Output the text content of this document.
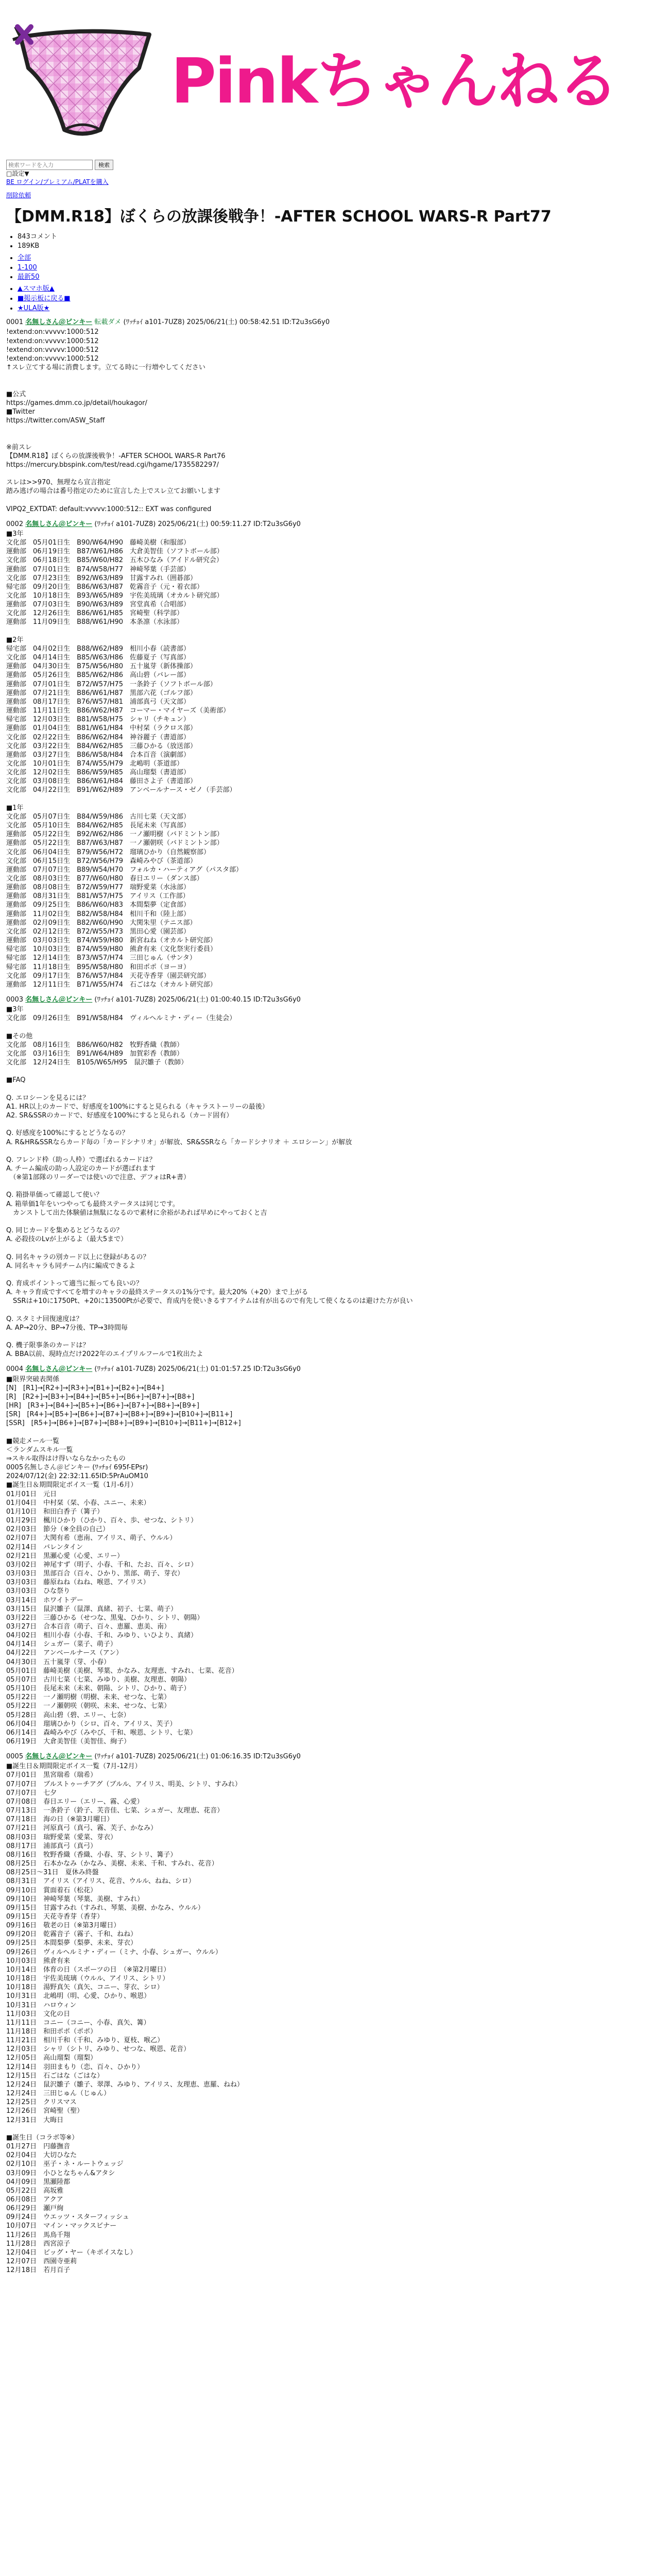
Pinkちゃんねる
検索ワードを入力
検索
□設定▼
BE ログイン/プレミアム/PLATを購入
削除依頼
【DMM.R18】ぼくらの放課後戦争！-AFTER SCHOOL WARS-R Part77
• 843コメント
• 189KB
• 全部
• 1-100
• 最新50
• ▲スマホ版▲
• ■掲示板に戻る■
• ★ULA版★
0001 名無しさん＠ピンキー 転載ダメ (ﾜｯﾁｮｲ a101-7UZ8) 2025/06/21(土) 00:58:42.51 ID:T2u3sG6y0
!extend:on:vvvvv:1000:512
!extend:on:vvvvv:1000:512
!extend:on:vvvvv:1000:512
!extend:on:vvvvv:1000:512
↑スレ立てする場に消費します。立てる時に一行増やしてください

■公式
https://games.dmm.co.jp/detail/houkagor/
■Twitter
https://twitter.com/ASW_Staff

※前スレ
【DMM.R18】ぼくらの放課後戦争！-AFTER SCHOOL WARS-R Part76
https://mercury.bbspink.com/test/read.cgi/hgame/1735582297/

スレは>>970、無理なら宣言指定
踏み逃げの場合は番号指定のために宣言した上でスレ立てお願いします

VIPQ2_EXTDAT: default:vvvvv:1000:512:: EXT was configured
0002 名無しさん＠ピンキー (ﾜｯﾁｮｲ a101-7UZ8) 2025/06/21(土) 00:59:11.27 ID:T2u3sG6y0
■3年
文化部　05月01日生　B90/W64/H90　藤崎美樹（和服部）
運動部　06月19日生　B87/W61/H86　大倉美智佳（ソフトボール部）
文化部　06月18日生　B85/W60/H82　五木ひなみ（アイドル研究会）
運動部　07月01日生　B74/W58/H77　神崎琴葉（手芸部）
文化部　07月23日生　B92/W63/H89　甘露すみれ（囲碁部）
帰宅部　09月20日生　B86/W63/H87　乾霧音子（元・着衣部）
文化部　10月18日生　B93/W65/H89　宇佐美琉璃（オカルト研究部）
運動部　07月03日生　B90/W63/H89　宮堂真希（合唱部）
文化部　12月26日生　B86/W61/H85　宮崎聖（科学部）
運動部　11月09日生　B88/W61/H90　本条凛（水泳部）

■2年
帰宅部　04月02日生　B88/W62/H89　相川小春（読書部）
文化部　04月14日生　B85/W63/H86　佐藤夏子（写真部）
運動部　04月30日生　B75/W56/H80　五十嵐芽（新体操部）
運動部　05月26日生　B85/W62/H86　高山碧（バレー部）
運動部　07月01日生　B72/W57/H75　一条鈴子（ソフトボール部）
運動部　07月21日生　B86/W61/H87　黒部六花（ゴルフ部）
運動部　08月17日生　B76/W57/H81　浦部真弓（天文部）
運動部　11月11日生　B86/W62/H87　コーマー・マイヤーズ（美術部）
帰宅部　12月03日生　B81/W58/H75　シャリ（チキュン）
運動部　01月04日生　B81/W61/H84　中村栞（ラクロス部）
文化部　02月22日生　B86/W62/H84　神谷麗子（書道部）
文化部　03月22日生　B84/W62/H85　三藤ひかる（放送部）
運動部　03月27日生　B86/W58/H84　合本百音（演劇部）
文化部　10月01日生　B74/W55/H79　北嶋明（茶道部）
文化部　12月02日生　B86/W59/H85　高山瑠梨（書道部）
文化部　03月08日生　B86/W61/H84　藤田さよ子（書道部）
文化部　04月22日生　B91/W62/H89　アンベールナース・ゼノ（手芸部）

■1年
文化部　05月07日生　B84/W59/H86　古川七菜（天文部）
文化部　05月10日生　B84/W62/H85　長尾未来（写真部）
運動部　05月22日生　B92/W62/H86　一ノ瀬明樹（バドミントン部）
運動部　05月22日生　B87/W63/H87　一ノ瀬朝咲（バドミントン部）
文化部　06月04日生　B79/W56/H72　瑠璃ひかり（自然観察部）
文化部　06月15日生　B72/W56/H79　森崎みやび（茶道部）
運動部　07月07日生　B89/W54/H70　フォルカ・ハーティアグ（パスタ部）
文化部　08月03日生　B77/W60/H80　春日エリー（ダンス部）
運動部　08月08日生　B72/W59/H77　瑞野愛菜（水泳部）
運動部　08月31日生　B81/W57/H75　アイリス（工作部）
運動部　09月25日生　B86/W60/H83　本間梨夢（定食部）
運動部　11月02日生　B82/W58/H84　相川千和（陸上部）
運動部　02月09日生　B82/W60/H90　大関朱里（テニス部）
文化部　02月12日生　B72/W55/H73　黒田心愛（園芸部）
運動部　03月03日生　B74/W59/H80　新宮ねね（オカルト研究部）
帰宅部　10月03日生　B74/W59/H80　熊倉有来（文化祭実行委員）
帰宅部　12月14日生　B73/W57/H74　三田じゅん（サンタ）
帰宅部　11月18日生　B95/W58/H80　和田ポポ（ヨーヨ）
文化部　09月17日生　B76/W57/H84　天花寺香芽（園芸研究部）
運動部　12月11日生　B71/W55/H74　石ごはな（オカルト研究部）
0003 名無しさん＠ピンキー (ﾜｯﾁｮｲ a101-7UZ8) 2025/06/21(土) 01:00:40.15 ID:T2u3sG6y0
■3年
文化部　09月26日生　B91/W58/H84　ヴィルヘルミナ・ディー（生徒会）

■その他
文化部　08月16日生　B86/W60/H82　牧野香織（教師）
文化部　03月16日生　B91/W64/H89　加賀彩香（教師）
文化部　12月24日生　B105/W65/H95　鼠沢雛子（教師）

■FAQ

Q. エロシーンを見るには？
A1. HR以上のカードで、好感度を100%にすると見られる（キャラストーリーの最後）
A2. SR&SSRのカードで、好感度を100%にすると見られる（カード固有）

Q. 好感度を100%にするとどうなるの？
A. R&HR&SSRならカード毎の「カードシナリオ」が解放、SR&SSRなら「カードシナリオ ＋ エロシーン」が解放

Q. フレンド枠（助っ人枠）で選ばれるカードは？
A. チーム編成の助っ人設定のカードが選ばれます
　（※第1部隊のリーダーでは使いので注意、デフォはR+書）

Q. 箱掛単価って確認して使い？
A. 箱単価1年をいつやっても最終ステータスは同じです。
　カンストして出た体験値は無駄になるので素材に余裕があれば早めにやっておくと吉

Q. 同じカードを集めるとどうなるの？
A. 必殺技のLvが上がるよ（最大5まで）

Q. 同名キャラの別カード以上に登録があるの？
A. 同名キャラも同チーム内に編成できるよ

Q. 育成ポイントって適当に振っても良いの？
A. キャラ育成ですべてを増すのキャラの最終ステータスの1%分です。最大20%（+20）まで上がる
　SSRは+10に1750Pt、+20に13500Ptが必要で、育成内を使いきるすアイテムは有が出るので有先して使くなるのは避けた方が良い

Q. スタミナ回復速度は？
A. AP→20分、BP→7分後、TP→3時間毎

Q. 機子限事条のカードは？
A. BBA以前、現時点だけ2022年のエイプリルフールで1枚出たよ
0004 名無しさん＠ピンキー (ﾜｯﾁｮｲ a101-7UZ8) 2025/06/21(土) 01:01:57.25 ID:T2u3sG6y0
■限界突破表関係
[N]　[R1]→[R2+]→[R3+]→[B1+]→[B2+]→[B4+]
[R]　[R2+]→[B3+]→[B4+]→[B5+]→[B6+]→[B7+]→[B8+]
[HR]　[R3+]→[B4+]→[B5+]→[B6+]→[B7+]→[B8+]→[B9+]
[SR]　[R4+]→[B5+]→[B6+]→[B7+]→[B8+]→[B9+]→[B10+]→[B11+]
[SSR]　[R5+]→[B6+]→[B7+]→[B8+]→[B9+]→[B10+]→[B11+]→[B12+]

■競走メール一覧
＜ランダムスキル一覧
⇒スキル取得はけ得いならなかったもの
0005名無しさん＠ピンキー (ﾜｯﾁｮｲ 695f-EPsr)
2024/07/12(金) 22:32:11.65ID:5PrAuOM10
■誕生日＆期間限定ボイス一覧（1月-6月）
01月01日　元日
01月04日　中村栞（栞、小春、ユニー、未来）
01月10日　和田白香子（篝子）
01月29日　楓川ひかり（ひかり、百々、歩、せつな、シトリ）
02月03日　節分（※全員の自己）
02月07日　大関有希（恵南、アイリス、萌子、ウルル）
02月14日　バレンタイン
02月21日　黒瀬心愛（心愛、エリー）
03月02日　神尾すず（明子、小春、千和、たお、百々、シロ）
03月03日　黒部百合（百々、ひかり、黒部、萌子、芽衣）
03月03日　藤原ねね（ねね、喉恩、アイリス）
03月03日　ひな祭り
03月14日　ホワイトデー
03月15日　鼠沢雛子（鼠澤、真緒、初子、七菜、萌子）
03月22日　三藤ひかる（せつな、黒鬼、ひかり、シトリ、朝陽）
03月27日　合本百音（萌子、百々、恵羅、恵美、南）
04月02日　相川小春（小春、千和、みゆり、いひより、真緒）
04月14日　シュガー（菜子、萌子）
04月22日　アンベールナース（アン）
04月30日　五十嵐芽（芽、小春）
05月01日　藤崎美樹（美樹、琴葉、かなみ、友理恵、すみれ、七菜、花音）
05月07日　古川七菜（七菜、みゆり、美樹、友理恵、朝陽）
05月10日　長尾未来（未来、朝陽、シトリ、ひかり、萌子）
05月22日　一ノ瀬明樹（明樹、未来、せつな、七菜）
05月22日　一ノ瀬朝咲（朝咲、未来、せつな、七菜）
05月28日　高山碧（碧、エリー、七奈）
06月04日　瑠璃ひかり（シロ、百々、アイリス、芙子）
06月14日　森崎みやび（みやび、千和、喉恩、シトリ、七菜）
06月19日　大倉美智佳（美智佳、絢子）
0005 名無しさん＠ピンキー (ﾜｯﾁｮｲ a101-7UZ8) 2025/06/21(土) 01:06:16.35 ID:T2u3sG6y0
■誕生日＆期間限定ボイス一覧（7月-12月）
07月01日　黒宮瑞希（瑞希）
07月07日　ブルストゥーチアグ（ブルル、アイリス、明美、シトリ、すみれ）
07月07日　七夕
07月08日　春日エリー（エリー、霧、心愛）
07月13日　一条鈴子（鈴子、芙音佳、七菜、シュガー、友理恵、花音）
07月18日　海の日（※第3月曜日）
07月21日　河原真弓（真弓、霧、芙子、かなみ）
08月03日　瑞野愛菜（愛菜、芽衣）
08月17日　浦部真弓（真弓）
08月16日　牧野香織（香織、小春、芽、シトリ、篝子）
08月25日　石本かなみ（かなみ、美樹、未来、千和、すみれ、花音）
08月25日〜31日　夏休み終盤
08月31日　アイリス（アイリス、花音、ウルル、ねね、シロ）
09月10日　賞面着石（松花）
09月10日　神崎琴葉（琴葉、美樹、すみれ）
09月15日　甘露すみれ（すみれ、琴葉、美樹、かなみ、ウルル）
09月15日　天花寺香芽（香芽）
09月16日　敬老の日（※第3月曜日）
09月20日　乾霧音子（霧子、千和、ねね）
09月25日　本間梨夢（梨夢、未来、芽衣）
09月26日　ヴィルヘルミナ・ディー（ミナ、小春、シュガー、ウルル）
10月03日　熊倉有来
10月14日　体育の日（スポーツの日　（※第2月曜日）
10月18日　宇佐美琉璃（ウルル、アイリス、シトリ）
10月18日　湯野真矢（真矢、コニー、芽衣、シロ）
10月31日　北嶋明（明、心愛、ひかり、喉恩）
10月31日　ハロウィン
11月03日　文化の日
11月11日　コニー（コニー、小春、真矢、篝）
11月18日　和田ポポ（ポポ）
11月21日　相川千和（千和、みゆり、夏枝、喉乙）
12月03日　シャリ（シトリ、みゆり、せつな、喉恩、花音）
12月05日　高山瑠梨（瑠梨）
12月14日　羽田まもり（恋、百々、ひかり）
12月15日　石ごはな（ごはな）
12月24日　鼠沢雛子（雛子、翠澤、みゆり、アイリス、友理恵、恵羅、ねね）
12月24日　三田じゅん（じゅん）
12月25日　クリスマス
12月26日　宮崎聖（聖）
12月31日　大晦日

■誕生日（コラボ等※）
01月27日　円藤撫音
02月04日　大切ひなた
02月10日　巫子・ネ・ルートウェッジ
03月09日　小ひとなちゃん&アタシ
04月09日　黒瀬陸都
05月22日　高坂雅
06月08日　アクア
06月29日　瀬戸絢
09月24日　ウエッツ・スターフィッシュ
10月07日　マイン・マックスビナー
11月26日　馬鳥千翔
11月28日　西宮涼子
12月04日　ビッグ・ヤー（キポイスなし）
12月07日　西園寺亜莉
12月18日　若月百子
